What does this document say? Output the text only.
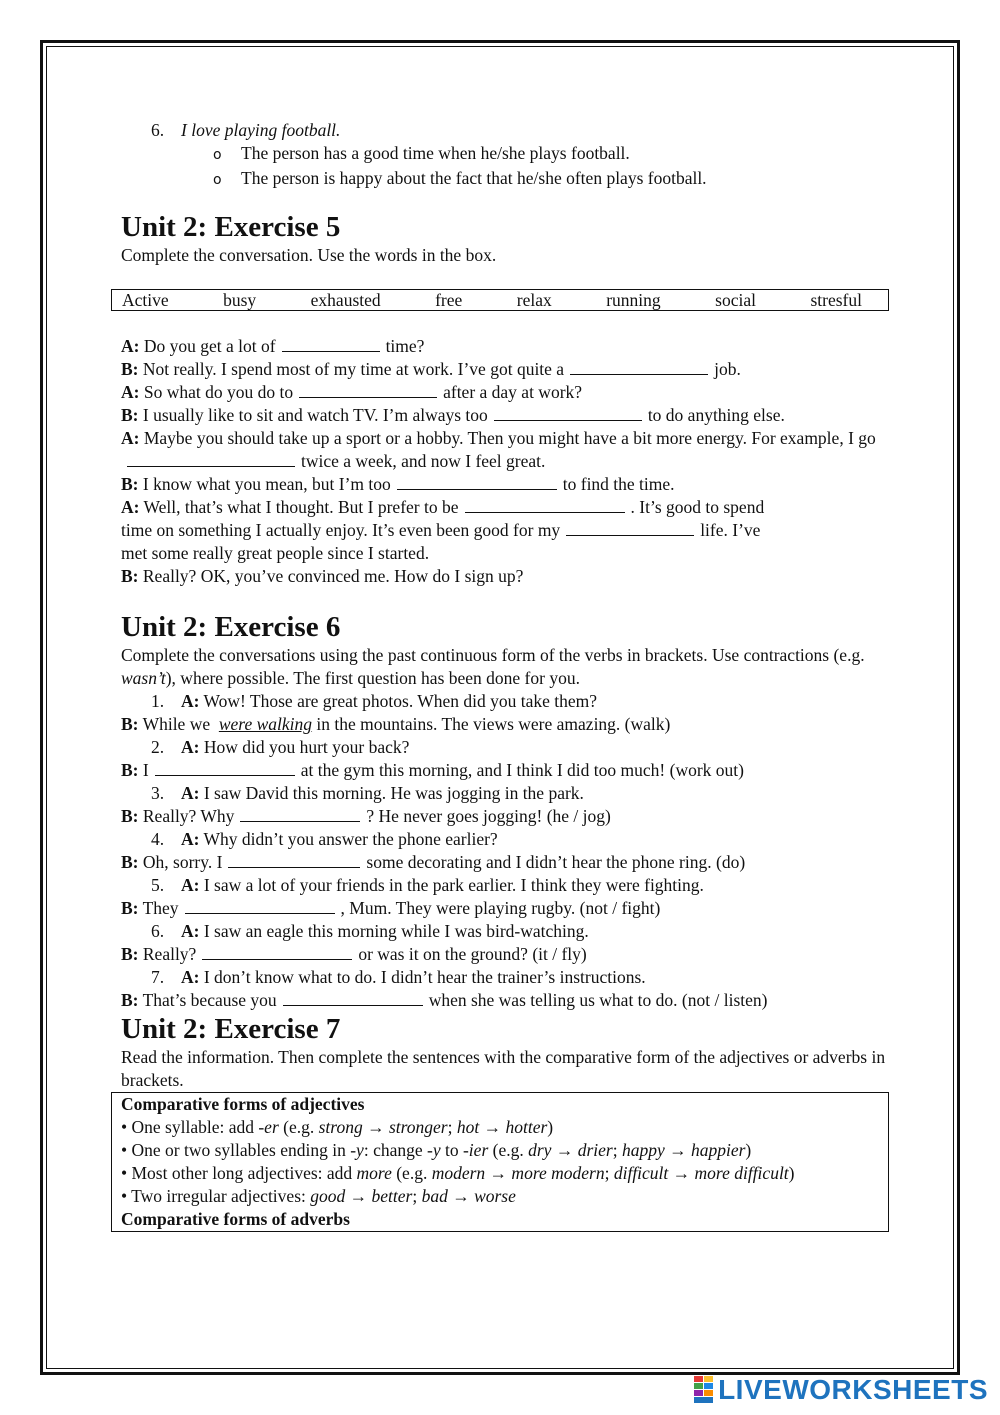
6. I love playing football.
o The person has a good time when he/she plays football.
o The person is happy about the fact that he/she often plays football.
Unit 2: Exercise 5
Complete the conversation. Use the words in the box.
Active	busy	exhausted	free	relax	running	social	stresful
A: Do you get a lot of	time?
B: Not really. I spend most of my time at work. I’ve got quite a	job.
A: So what do you do to	after a day at work?
B: I usually like to sit and watch TV. I’m always too	to do anything else.
A: Maybe you should take up a sport or a hobby. Then you might have a bit more energy. For example, I gotwice a week, and now I feel great.
B: I know what you mean, but I’m too	to find the time.
A: Well, that’s what I thought. But I prefer to be	. It’s good to spend
time on something I actually enjoy. It’s even been good for my	life. I’ve
met some really great people since I started.
B: Really? OK, you’ve convinced me. How do I sign up?
Unit 2: Exercise 6
Complete the conversations using the past continuous form of the verbs in brackets. Use contractions (e.g. wasn’t), where possible. The first question has been done for you.
1. A: Wow! Those are great photos. When did you take them?
B: While we were walking in the mountains. The views were amazing. (walk)
2. A: How did you hurt your back?
B: I	at the gym this morning, and I think I did too much! (work out)
3. A: I saw David this morning. He was jogging in the park.
B: Really? Why	? He never goes jogging! (he / jog)
4. A: Why didn’t you answer the phone earlier?
B: Oh, sorry. I	some decorating and I didn’t hear the phone ring. (do)
5. A: I saw a lot of your friends in the park earlier. I think they were fighting.
B: They	, Mum. They were playing rugby. (not / fight)
6. A: I saw an eagle this morning while I was bird-watching.
B: Really?	or was it on the ground? (it / fly)
7. A: I don’t know what to do. I didn’t hear the trainer’s instructions.
B: That’s because you	when she was telling us what to do. (not / listen)
Unit 2: Exercise 7
Read the information. Then complete the sentences with the comparative form of the adjectives or adverbs in brackets.
Comparative forms of adjectives
• One syllable: add -er (e.g. strong → stronger; hot → hotter)
• One or two syllables ending in -y: change -y to -ier (e.g. dry → drier; happy → happier)
• Most other long adjectives: add more (e.g. modern → more modern; difficult → more difficult)
• Two irregular adjectives: good → better; bad → worse
Comparative forms of adverbs
LIVEWORKSHEETS
